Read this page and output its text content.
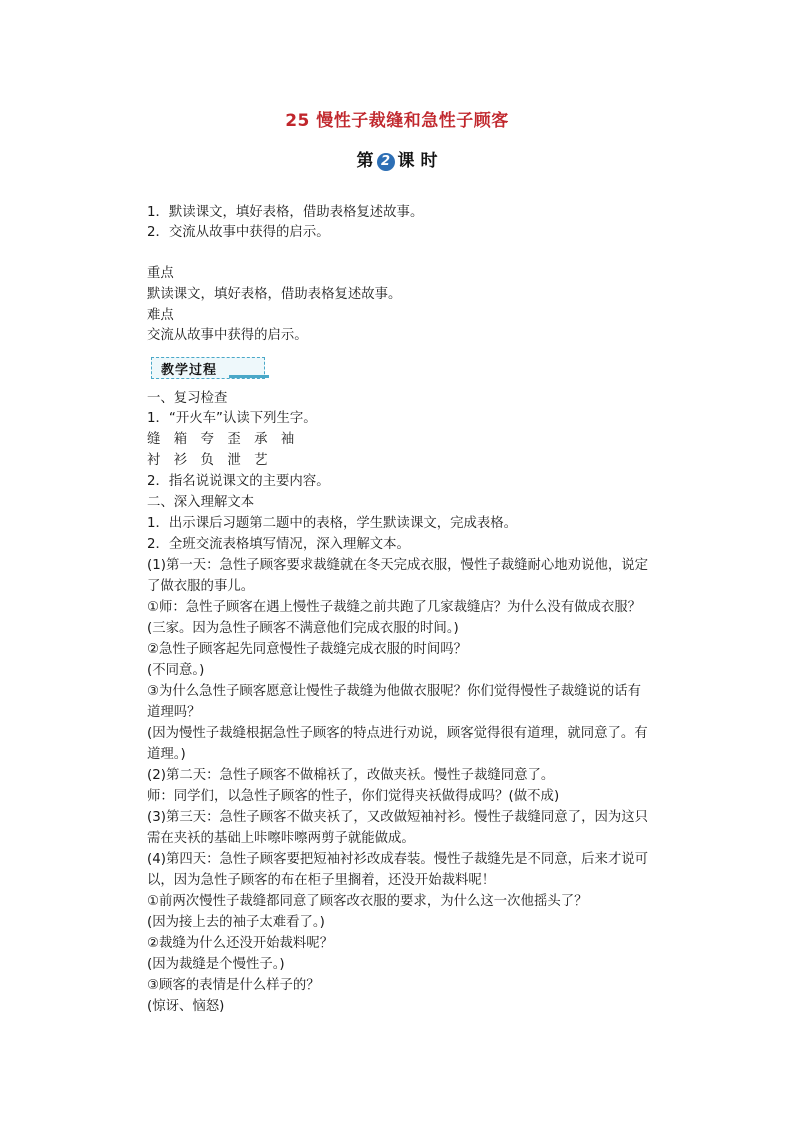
25 慢性子裁缝和急性子顾客
第 2 课 时
1．默读课文，填好表格，借助表格复述故事。
2．交流从故事中获得的启示。
重点
默读课文，填好表格，借助表格复述故事。
难点
交流从故事中获得的启示。
教学过程
一、复习检查
1．“开火车”认读下列生字。
缝　箱　夸　歪　承　袖
衬　衫　负　泄　艺
2．指名说说课文的主要内容。
二、深入理解文本
1．出示课后习题第二题中的表格，学生默读课文，完成表格。
2．全班交流表格填写情况，深入理解文本。
(1)第一天：急性子顾客要求裁缝就在冬天完成衣服，慢性子裁缝耐心地劝说他，说定
了做衣服的事儿。
①师：急性子顾客在遇上慢性子裁缝之前共跑了几家裁缝店？为什么没有做成衣服？
(三家。因为急性子顾客不满意他们完成衣服的时间。)
②急性子顾客起先同意慢性子裁缝完成衣服的时间吗？
(不同意。)
③为什么急性子顾客愿意让慢性子裁缝为他做衣服呢？你们觉得慢性子裁缝说的话有
道理吗？
(因为慢性子裁缝根据急性子顾客的特点进行劝说，顾客觉得很有道理，就同意了。有
道理。)
(2)第二天：急性子顾客不做棉袄了，改做夹袄。慢性子裁缝同意了。
师：同学们，以急性子顾客的性子，你们觉得夹袄做得成吗？(做不成)
(3)第三天：急性子顾客不做夹袄了，又改做短袖衬衫。慢性子裁缝同意了，因为这只
需在夹袄的基础上咔嚓咔嚓两剪子就能做成。
(4)第四天：急性子顾客要把短袖衬衫改成春装。慢性子裁缝先是不同意，后来才说可
以，因为急性子顾客的布在柜子里搁着，还没开始裁料呢！
①前两次慢性子裁缝都同意了顾客改衣服的要求，为什么这一次他摇头了？
(因为接上去的袖子太难看了。)
②裁缝为什么还没开始裁料呢？
(因为裁缝是个慢性子。)
③顾客的表情是什么样子的？
(惊讶、恼怒)
